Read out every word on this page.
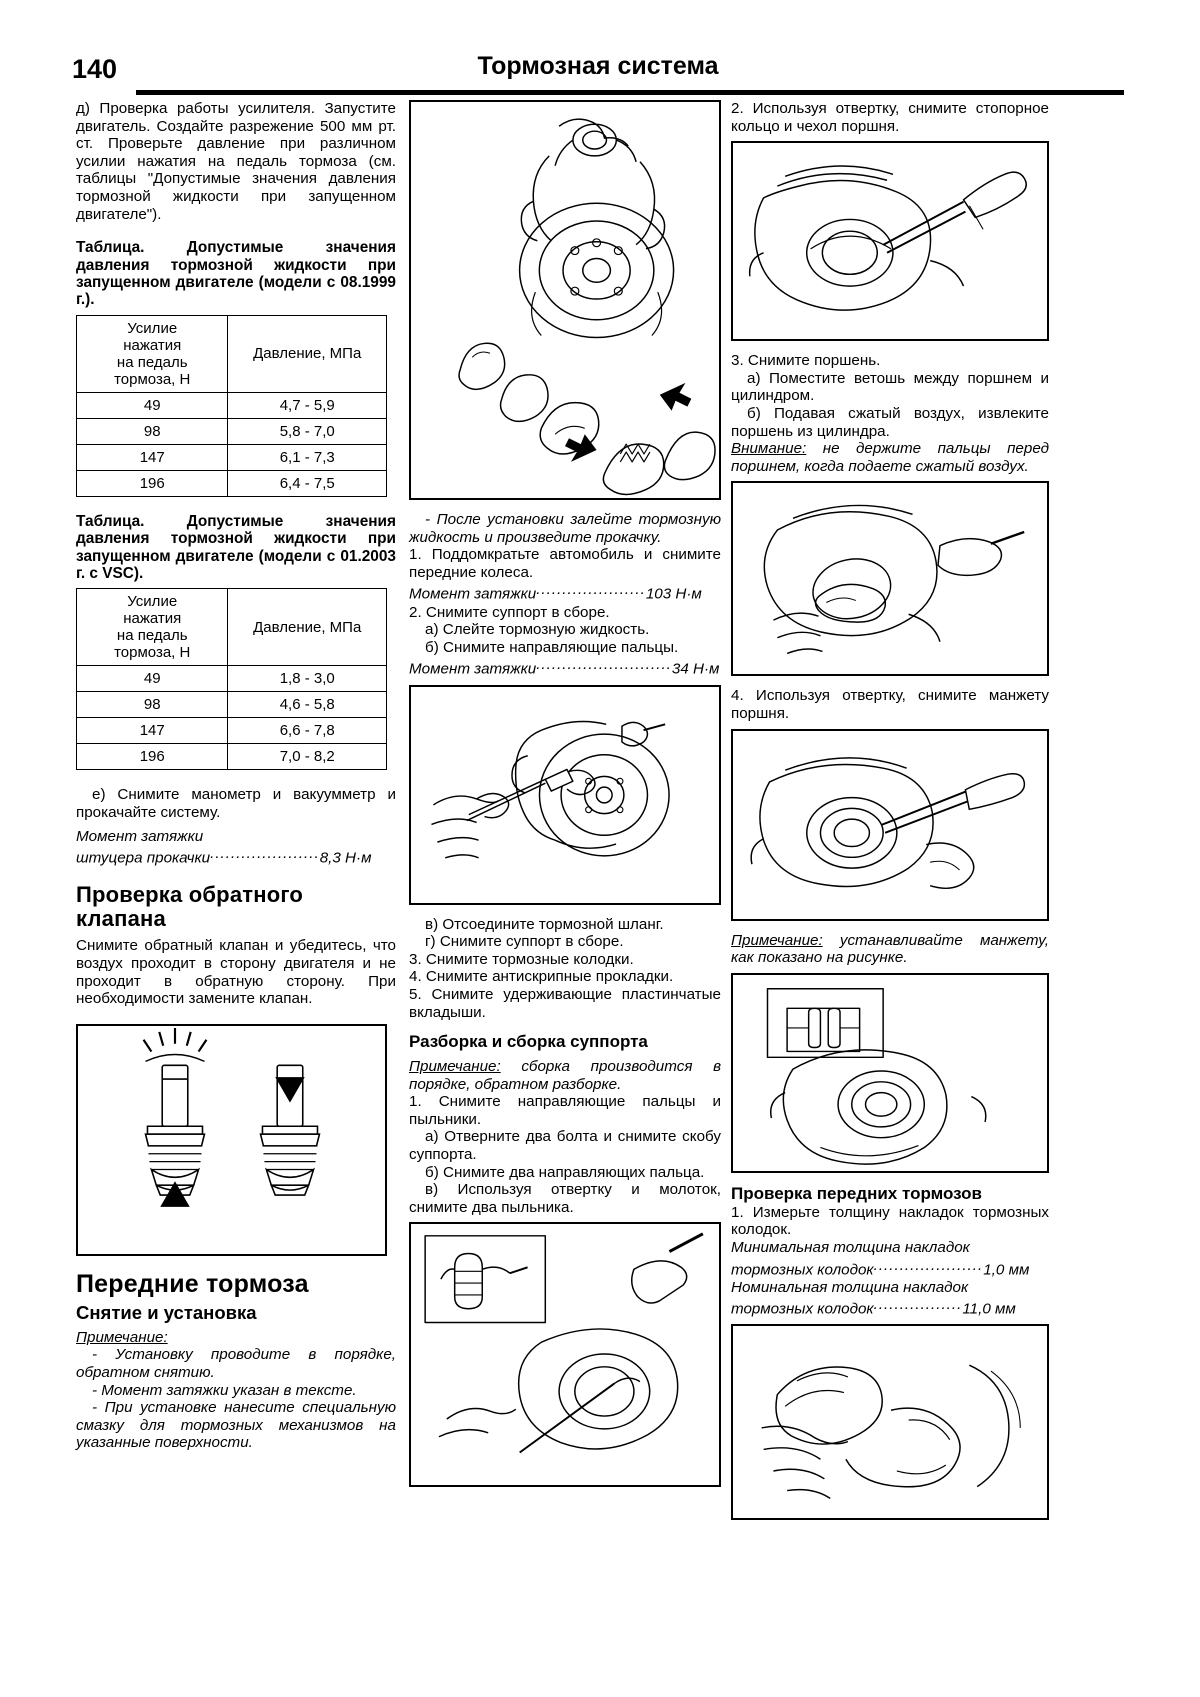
140	Тормозная система
д) Проверка работы усилителя. Запустите двигатель. Создайте разрежение 500 мм рт. ст. Проверьте давление при различном усилии нажатия на педаль тормоза (см. таблицы "Допустимые значения давления тормозной жидкости при запущенном двигателе").
Таблица. Допустимые значения давления тормозной жидкости при запущенном двигателе (модели с 08.1999 г.).
Усилие
нажатия
на педаль
тормоза, Н	Давление, МПа
49	4,7 - 5,9
98	5,8 - 7,0
147	6,1 - 7,3
196	6,4 - 7,5
Таблица. Допустимые значения давления тормозной жидкости при запущенном двигателе (модели с 01.2003 г. с VSC).
Усилие
нажатия
на педаль
тормоза, Н	Давление, МПа
49	1,8 - 3,0
98	4,6 - 5,8
147	6,6 - 7,8
196	7,0 - 8,2
е) Снимите манометр и вакуумметр и прокачайте систему.
Момент затяжки
штуцера прокачки.....................8,3 Н·м
Проверка обратного клапана
Снимите обратный клапан и убедитесь, что воздух проходит в сторону двигателя и не проходит в обратную сторону. При необходимости замените клапан.
Передние тормоза
Снятие и установка
Примечание:
- Установку проводите в порядке, обратном снятию.
- Момент затяжки указан в тексте.
- При установке нанесите специальную смазку для тормозных механизмов на указанные поверхности.
- После установки залейте тормозную жидкость и произведите прокачку.
1. Поддомкратьте автомобиль и снимите передние колеса.
Момент затяжки.....................103 Н·м
2. Снимите суппорт в сборе.
а) Слейте тормозную жидкость.
б) Снимите направляющие пальцы.
Момент затяжки..........................34 Н·м
в) Отсоедините тормозной шланг.
г) Снимите суппорт в сборе.
3. Снимите тормозные колодки.
4. Снимите антискрипные прокладки.
5. Снимите удерживающие пластинчатые вкладыши.
Разборка и сборка суппорта
Примечание: сборка производится в порядке, обратном разборке.
1. Снимите направляющие пальцы и пыльники.
а) Отверните два болта и снимите скобу суппорта.
б) Снимите два направляющих пальца.
в) Используя отвертку и молоток, снимите два пыльника.
2. Используя отвертку, снимите стопорное кольцо и чехол поршня.
3. Снимите поршень.
а) Поместите ветошь между поршнем и цилиндром.
б) Подавая сжатый воздух, извлеките поршень из цилиндра.
Внимание: не держите пальцы перед поршнем, когда подаете сжатый воздух.
4. Используя отвертку, снимите манжету поршня.
Примечание: устанавливайте манжету, как показано на рисунке.
Проверка передних тормозов
1. Измерьте толщину накладок тормозных колодок.
Минимальная толщина накладок тормозных колодок.....................1,0 мм
Номинальная толщина накладок тормозных колодок.................11,0 мм
